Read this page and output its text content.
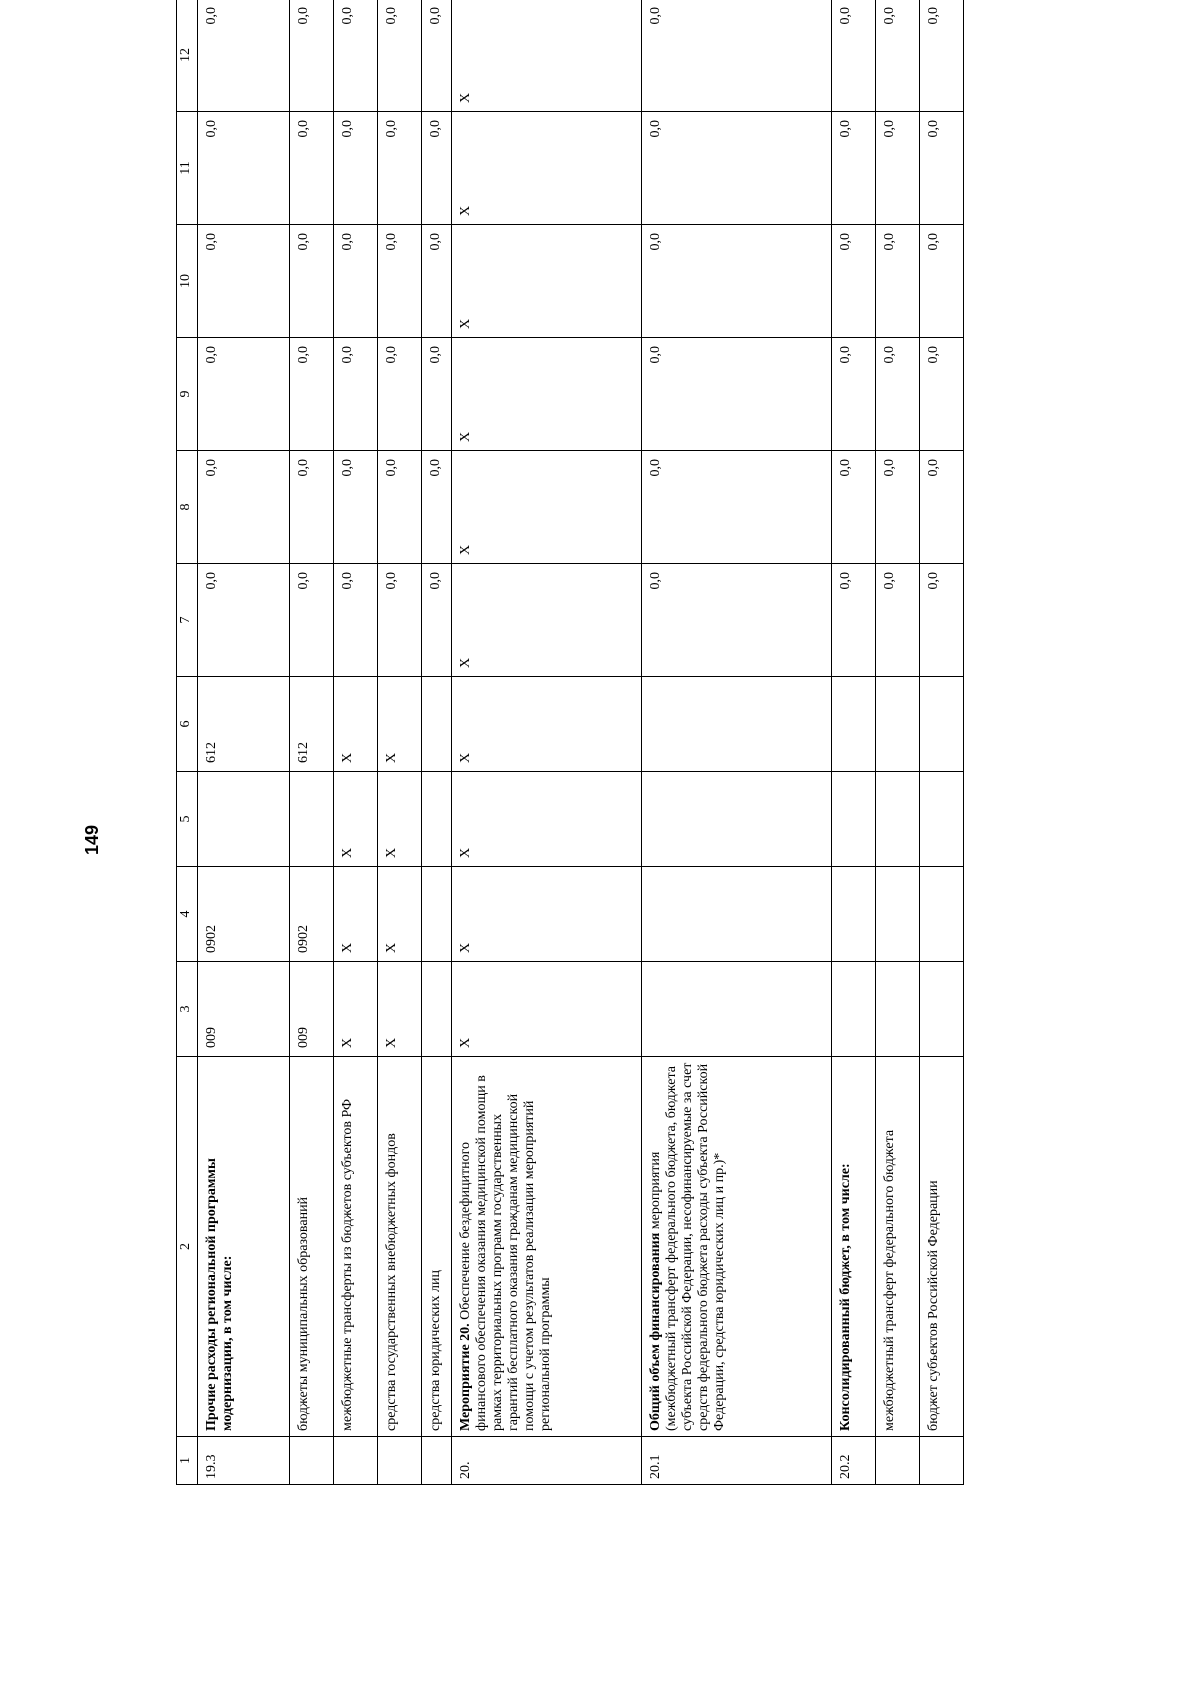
149
1	2	3	4	5	6	7	8	9	10	11	12
19.3	Прочие расходы региональной программы модернизации, в том числе:	009	0902		612	0,0	0,0	0,0	0,0	0,0	0,0
	бюджеты муниципальных образований	009	0902		612	0,0	0,0	0,0	0,0	0,0	0,0
	межбюджетные трансферты из бюджетов субъектов РФ	X	X	X	X	0,0	0,0	0,0	0,0	0,0	0,0
	средства государственных внебюджетных фондов	X	X	X	X	0,0	0,0	0,0	0,0	0,0	0,0
	средства юридических лиц					0,0	0,0	0,0	0,0	0,0	0,0
20.	Мероприятие 20. Обеспечение бездефицитного финансового обеспечения оказания медицинской помощи в рамках территориальных программ государственных гарантий бесплатного оказания гражданам медицинской помощи с учетом результатов реализации мероприятий региональной программы	X	X	X	X	X	X	X	X	X	X
20.1	Общий объем финансирования мероприятия (межбюджетный трансферт федерального бюджета, бюджета субъекта Российской Федерации, несофинансируемые за счет средств федерального бюджета расходы субъекта Российской Федерации, средства юридических лиц и пр.)*					0,0	0,0	0,0	0,0	0,0	0,0
20.2	Консолидированный бюджет, в том числе:					0,0	0,0	0,0	0,0	0,0	0,0
	межбюджетный трансферт федерального бюджета					0,0	0,0	0,0	0,0	0,0	0,0
	бюджет субъектов Российской Федерации					0,0	0,0	0,0	0,0	0,0	0,0
